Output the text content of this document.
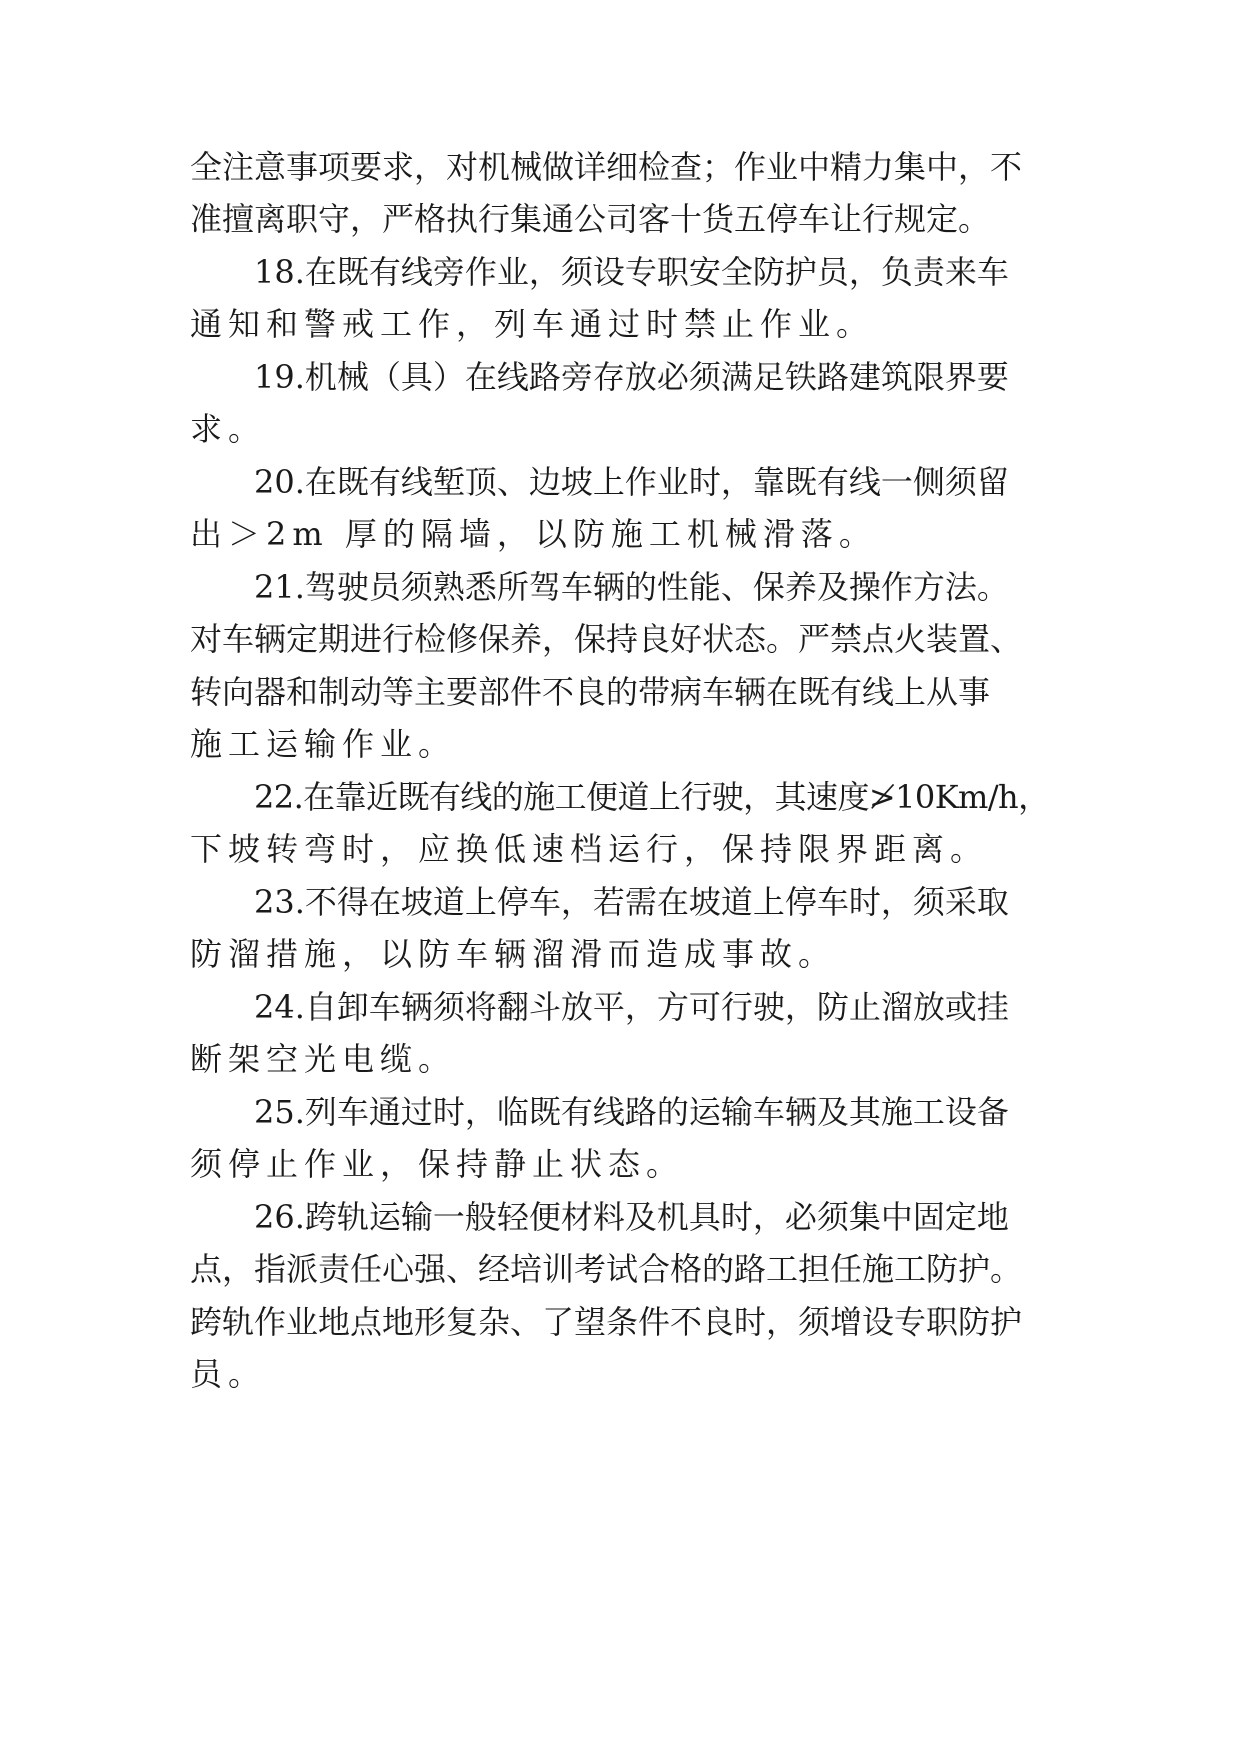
全注意事项要求，对机械做详细检查；作业中精力集中，不
准擅离职守，严格执行集通公司客十货五停车让行规定。
18.在既有线旁作业，须设专职安全防护员，负责来车
通知和警戒工作，列车通过时禁止作业。
19.机械（具）在线路旁存放必须满足铁路建筑限界要
求。
20.在既有线堑顶、边坡上作业时，靠既有线一侧须留
出＞2m 厚的隔墙，以防施工机械滑落。
21.驾驶员须熟悉所驾车辆的性能、保养及操作方法。
对车辆定期进行检修保养，保持良好状态。严禁点火装置、
转向器和制动等主要部件不良的带病车辆在既有线上从事
施工运输作业。
22.在靠近既有线的施工便道上行驶，其速度≯10Km/h，
下坡转弯时，应换低速档运行，保持限界距离。
23.不得在坡道上停车，若需在坡道上停车时，须采取
防溜措施，以防车辆溜滑而造成事故。
24.自卸车辆须将翻斗放平，方可行驶，防止溜放或挂
断架空光电缆。
25.列车通过时，临既有线路的运输车辆及其施工设备
须停止作业，保持静止状态。
26.跨轨运输一般轻便材料及机具时，必须集中固定地
点，指派责任心强、经培训考试合格的路工担任施工防护。
跨轨作业地点地形复杂、了望条件不良时，须增设专职防护
员。
